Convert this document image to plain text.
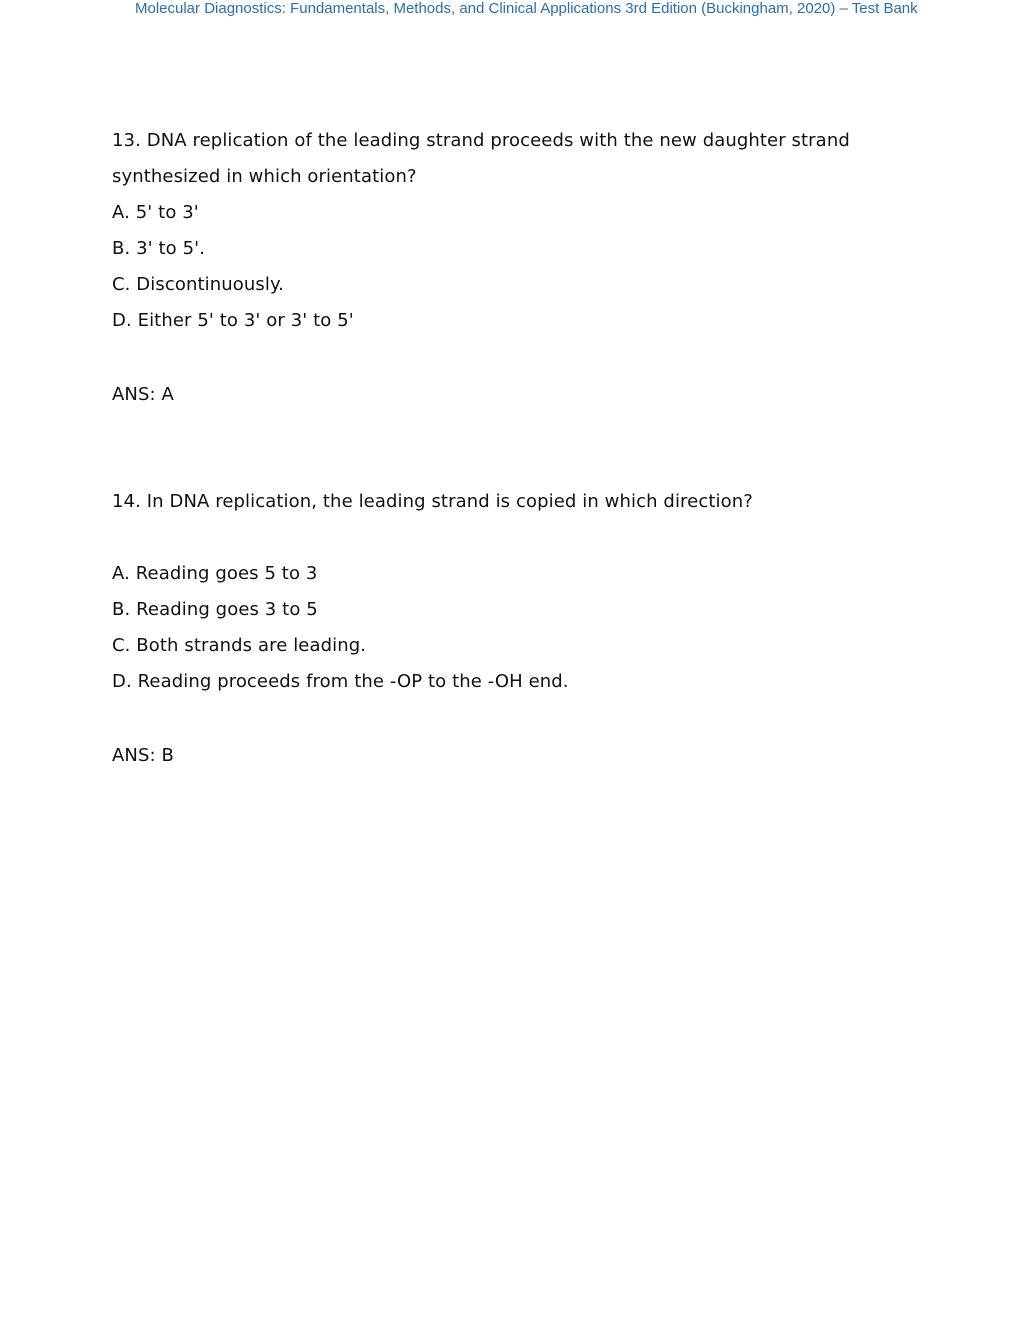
Molecular Diagnostics: Fundamentals, Methods, and Clinical Applications 3rd Edition (Buckingham, 2020) – Test Bank

13. DNA replication of the leading strand proceeds with the new daughter strand
synthesized in which orientation?

A. 5' to 3'

B. 3' to 5'.

C. Discontinuously.

D. Either 5' to 3' or 3' to 5'

ANS: A

14. In DNA replication, the leading strand is copied in which direction?

A. Reading goes 5 to 3

B. Reading goes 3 to 5

C. Both strands are leading.

D. Reading proceeds from the -OP to the -OH end.

ANS: B
